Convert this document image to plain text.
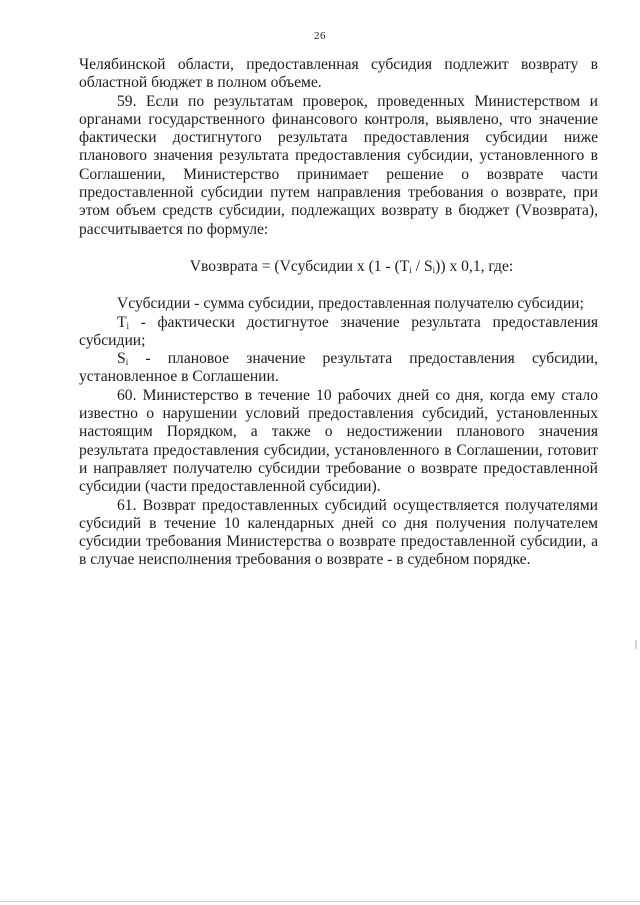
26

Челябинской области, предоставленная субсидия подлежит возврату в областной бюджет в полном объеме.

59. Если по результатам проверок, проведенных Министерством и органами государственного финансового контроля, выявлено, что значение фактически достигнутого результата предоставления субсидии ниже планового значения результата предоставления субсидии, установленного в Соглашении, Министерство принимает решение о возврате части предоставленной субсидии путем направления требования о возврате, при этом объем средств субсидии, подлежащих возврату в бюджет (Vвозврата), рассчитывается по формуле:

Vвозврата = (Vсубсидии x $(1 - (T_i / S_i))$ x 0,1, где:

Vсубсидии - сумма субсидии, предоставленная получателю субсидии;

$T_i$ - фактически достигнутое значение результата предоставления субсидии;

$S_i$ - плановое значение результата предоставления субсидии, установленное в Соглашении.

60. Министерство в течение 10 рабочих дней со дня, когда ему стало известно о нарушении условий предоставления субсидий, установленных настоящим Порядком, а также о недостижении планового значения результата предоставления субсидии, установленного в Соглашении, готовит и направляет получателю субсидии требование о возврате предоставленной субсидии (части предоставленной субсидии).

61. Возврат предоставленных субсидий осуществляется получателями субсидий в течение 10 календарных дней со дня получения получателем субсидии требования Министерства о возврате предоставленной субсидии, а в случае неисполнения требования о возврате - в судебном порядке.
